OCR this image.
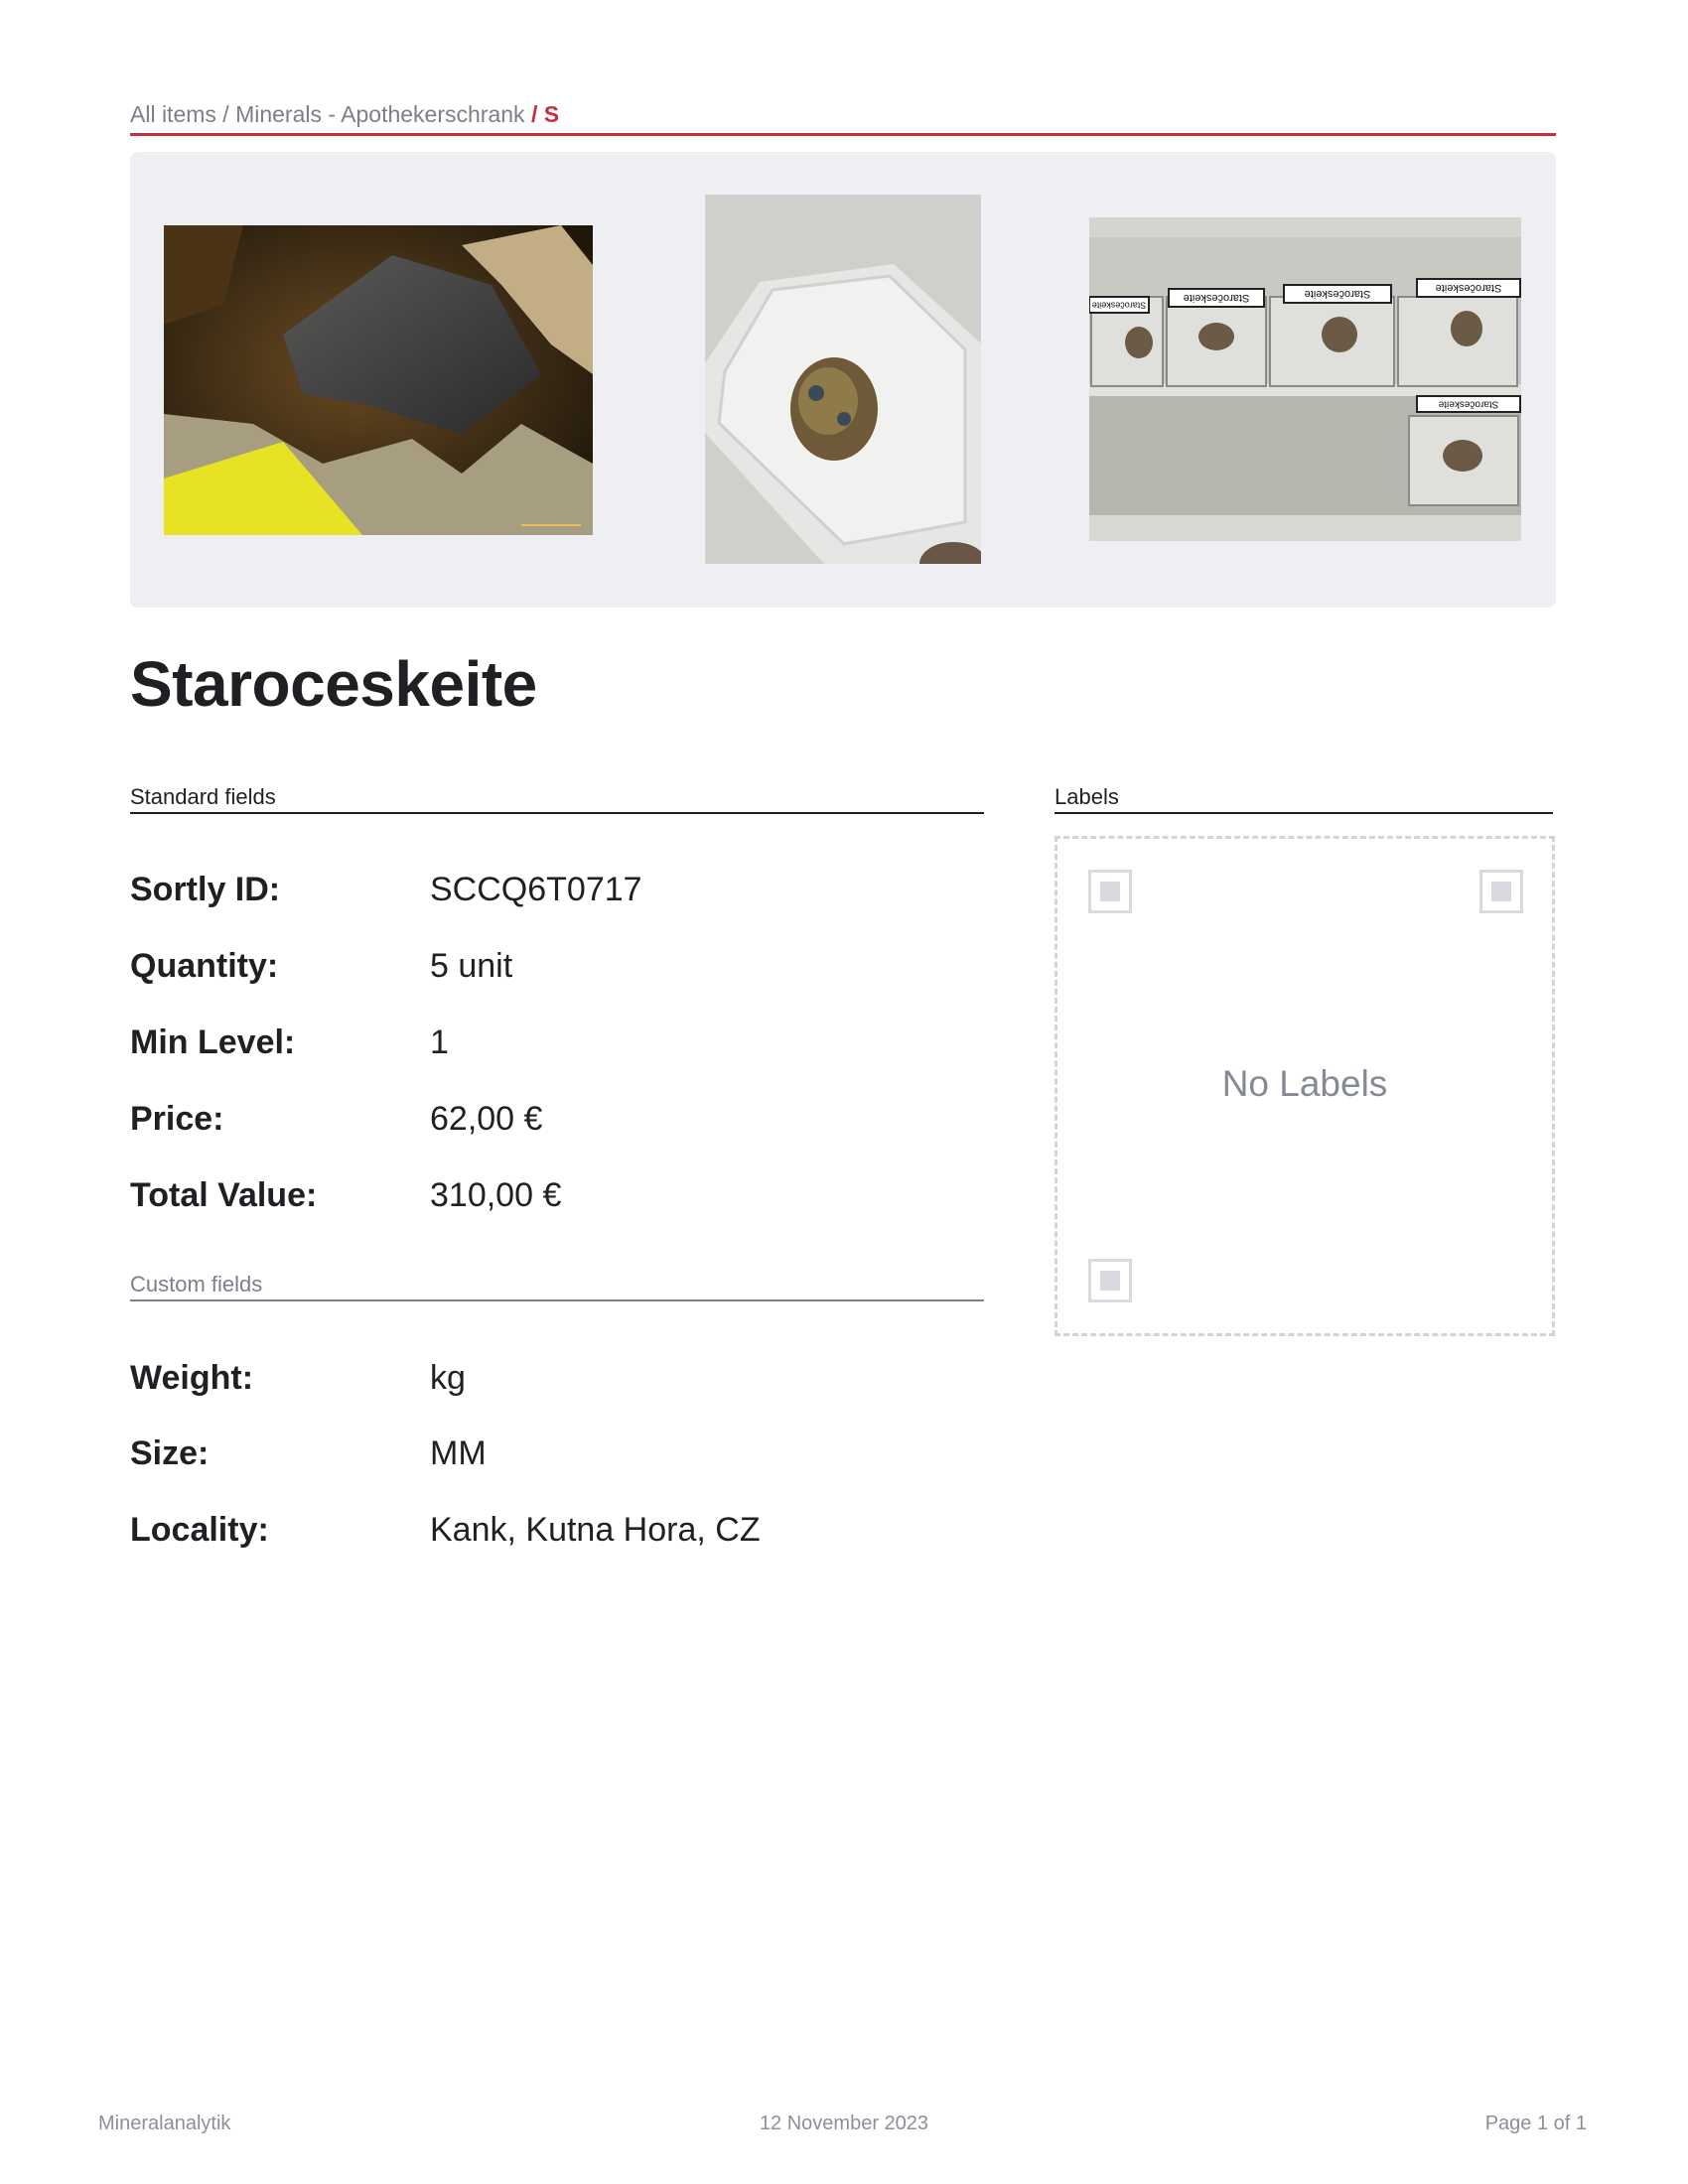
All items / Minerals - Apothekerschrank / S
Staročeskeite
Staročeskeite	Staročeskeite	Staročeskeite
Staročeskeite
Staroceskeite
Standard fields
Sortly ID:	SCCQ6T0717
Quantity:	5 unit
Min Level:	1
Price:	62,00 €
Total Value:	310,00 €
Custom fields
Weight:	kg
Size:	MM
Locality:	Kank, Kutna Hora, CZ
Labels
No Labels
Mineralanalytik	12 November 2023	Page 1 of 1
